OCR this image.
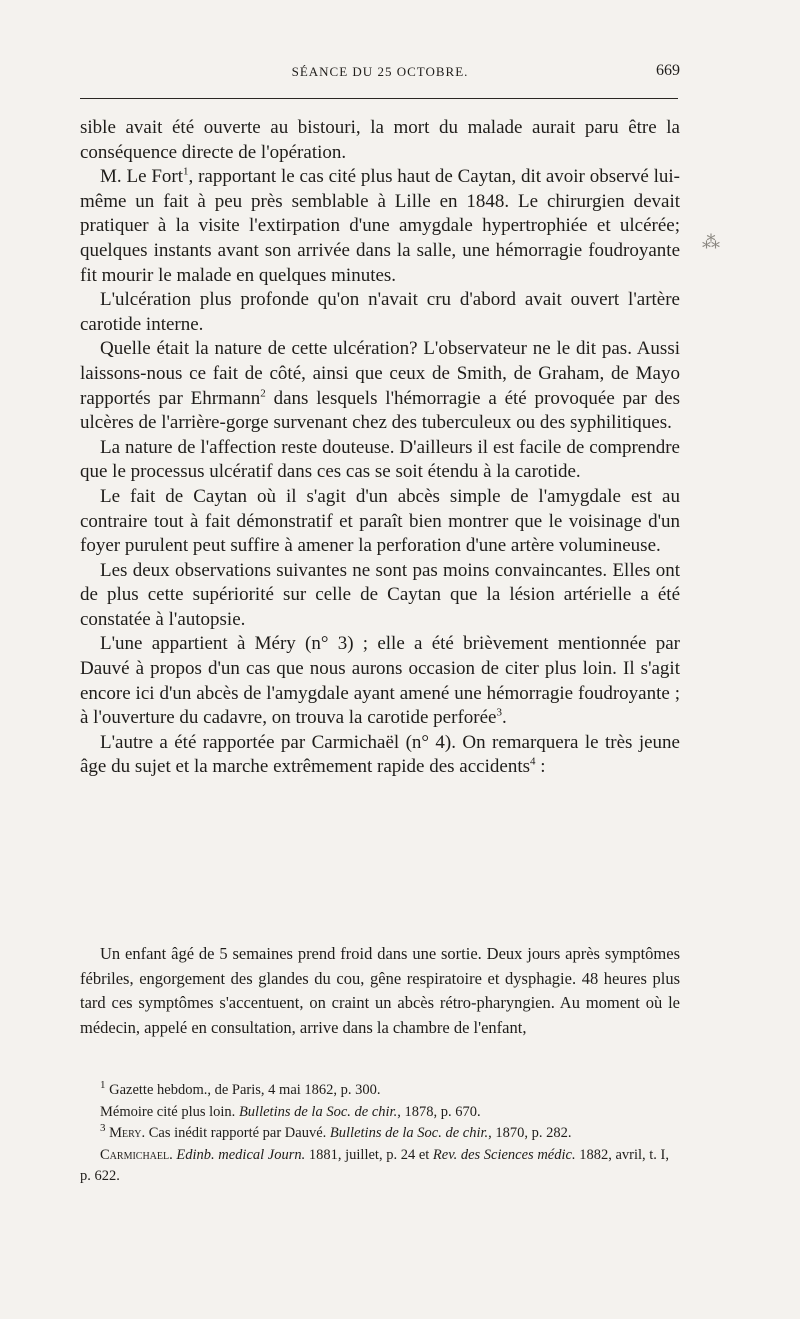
SÉANCE DU 25 OCTOBRE.	669
⁂

sible avait été ouverte au bistouri, la mort du malade aurait paru être la conséquence directe de l'opération.

M. Le Fort$^1$, rapportant le cas cité plus haut de Caytan, dit avoir observé lui-même un fait à peu près semblable à Lille en 1848. Le chirurgien devait pratiquer à la visite l'extirpation d'une amygdale hypertrophiée et ulcérée; quelques instants avant son arrivée dans la salle, une hémorragie foudroyante fit mourir le malade en quelques minutes.

L'ulcération plus profonde qu'on n'avait cru d'abord avait ouvert l'artère carotide interne.

Quelle était la nature de cette ulcération? L'observateur ne le dit pas. Aussi laissons-nous ce fait de côté, ainsi que ceux de Smith, de Graham, de Mayo rapportés par Ehrmann$^2$ dans lesquels l'hémorragie a été provoquée par des ulcères de l'arrière-gorge survenant chez des tuberculeux ou des syphilitiques.

La nature de l'affection reste douteuse. D'ailleurs il est facile de comprendre que le processus ulcératif dans ces cas se soit étendu à la carotide.

Le fait de Caytan où il s'agit d'un abcès simple de l'amygdale est au contraire tout à fait démonstratif et paraît bien montrer que le voisinage d'un foyer purulent peut suffire à amener la perforation d'une artère volumineuse.

Les deux observations suivantes ne sont pas moins convaincantes. Elles ont de plus cette supériorité sur celle de Caytan que la lésion artérielle a été constatée à l'autopsie.

L'une appartient à Méry (n° 3) ; elle a été brièvement mentionnée par Dauvé à propos d'un cas que nous aurons occasion de citer plus loin. Il s'agit encore ici d'un abcès de l'amygdale ayant amené une hémorragie foudroyante ; à l'ouverture du cadavre, on trouva la carotide perforée$^3$.

L'autre a été rapportée par Carmichaël (n° 4). On remarquera le très jeune âge du sujet et la marche extrêmement rapide des accidents$^4$ :

Un enfant âgé de 5 semaines prend froid dans une sortie. Deux jours après symptômes fébriles, engorgement des glandes du cou, gêne respiratoire et dysphagie. 48 heures plus tard ces symptômes s'accentuent, on craint un abcès rétro-pharyngien. Au moment où le médecin, appelé en consultation, arrive dans la chambre de l'enfant,

$^1$ Gazette hebdom., de Paris, 4 mai 1862, p. 300.

Mémoire cité plus loin. Bulletins de la Soc. de chir., 1878, p. 670.

$^3$ Mery. Cas inédit rapporté par Dauvé. Bulletins de la Soc. de chir., 1870, p. 282.

Carmichael. Edinb. medical Journ. 1881, juillet, p. 24 et Rev. des Sciences médic. 1882, avril, t. I, p. 622.
